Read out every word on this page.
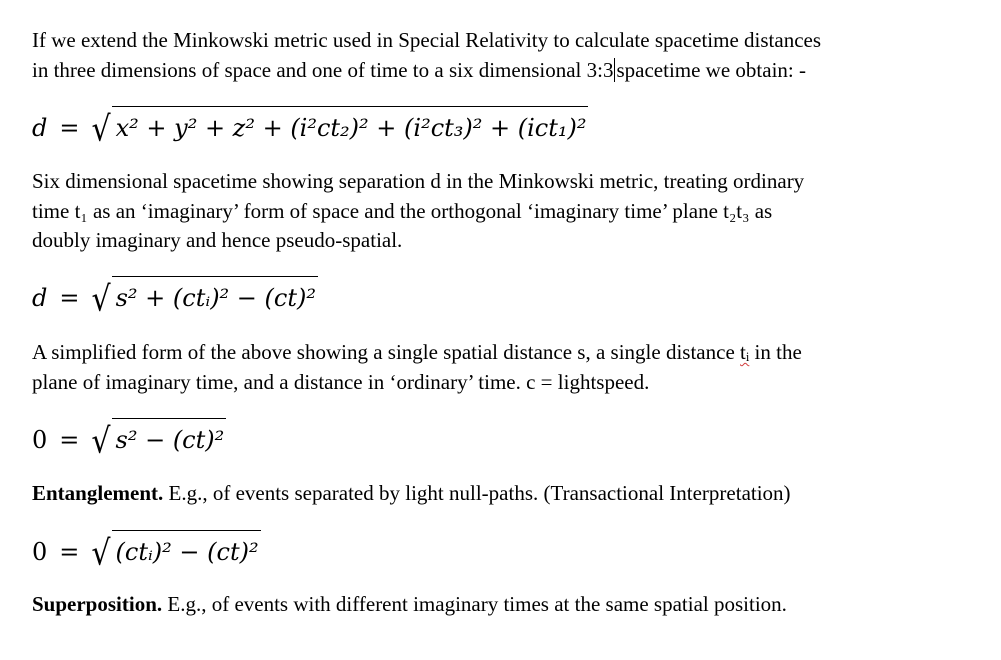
If we extend the Minkowski metric used in Special Relativity to calculate spacetime distances
in three dimensions of space and one of time to a six dimensional 3:3 spacetime we obtain: -
d = √ x² + y² + z² + (i²ct₂)² + (i²ct₃)² + (ict₁)²
Six dimensional spacetime showing separation d in the Minkowski metric, treating ordinary
time t₁ as an ‘imaginary’ form of space and the orthogonal ‘imaginary time’ plane t₂t₃ as
doubly imaginary and hence pseudo-spatial.
d = √ s² + (ctᵢ)² − (ct)²
A simplified form of the above showing a single spatial distance s, a single distance tᵢ in the
plane of imaginary time, and a distance in ‘ordinary’ time. c = lightspeed.
0 = √ s² − (ct)²
Entanglement. E.g., of events separated by light null-paths. (Transactional Interpretation)
0 = √ (ctᵢ)² − (ct)²
Superposition. E.g., of events with different imaginary times at the same spatial position.
